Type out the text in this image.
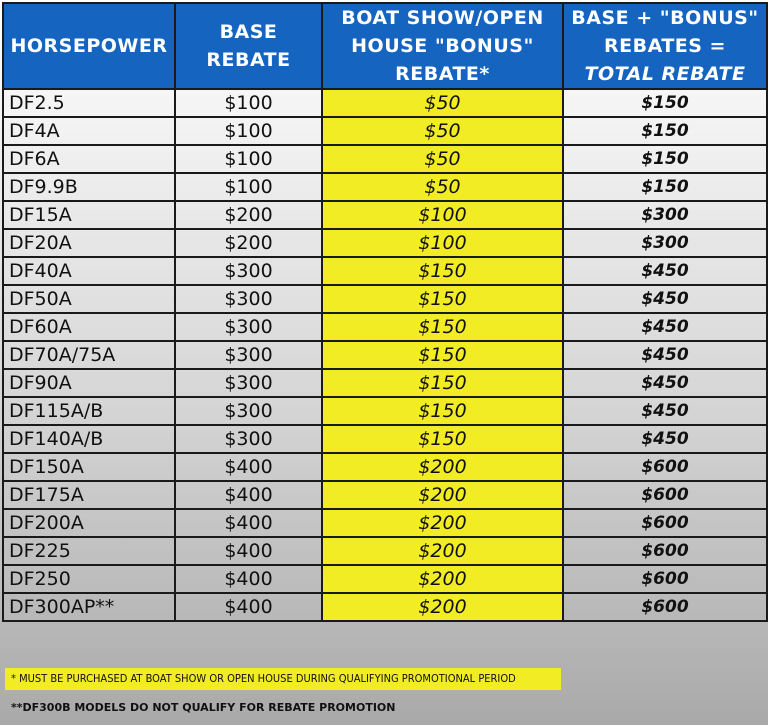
HORSEPOWER	BASE REBATE	BOAT SHOW/OPEN
HOUSE "BONUS"
REBATE*	BASE + "BONUS"
REBATES =
TOTAL REBATE
DF2.5	$100	$50	$150
DF4A	$100	$50	$150
DF6A	$100	$50	$150
DF9.9B	$100	$50	$150
DF15A	$200	$100	$300
DF20A	$200	$100	$300
DF40A	$300	$150	$450
DF50A	$300	$150	$450
DF60A	$300	$150	$450
DF70A/75A	$300	$150	$450
DF90A	$300	$150	$450
DF115A/B	$300	$150	$450
DF140A/B	$300	$150	$450
DF150A	$400	$200	$600
DF175A	$400	$200	$600
DF200A	$400	$200	$600
DF225	$400	$200	$600
DF250	$400	$200	$600
DF300AP**	$400	$200	$600
* MUST BE PURCHASED AT BOAT SHOW OR OPEN HOUSE DURING QUALIFYING PROMOTIONAL PERIOD
**DF300B MODELS DO NOT QUALIFY FOR REBATE PROMOTION
